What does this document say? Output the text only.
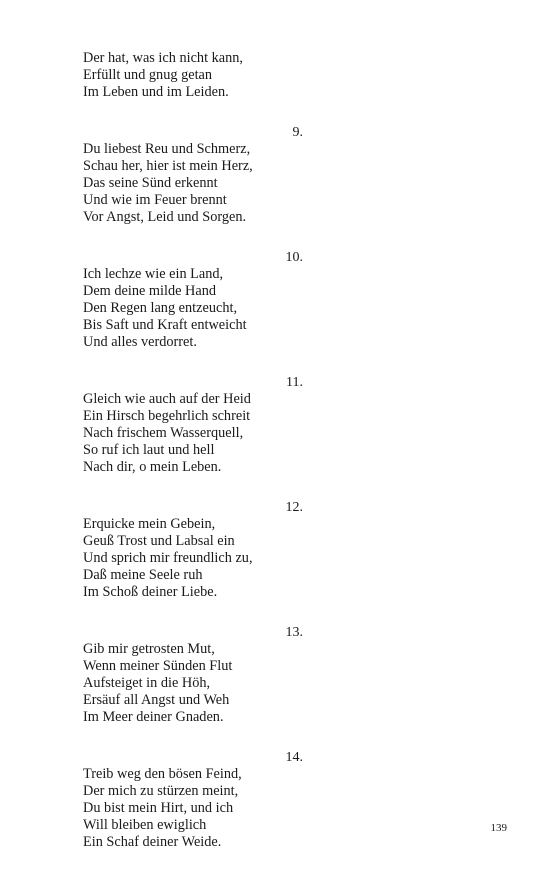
Der hat, was ich nicht kann,
Erfüllt und gnug getan
Im Leben und im Leiden.
9.
Du liebest Reu und Schmerz,
Schau her, hier ist mein Herz,
Das seine Sünd erkennt
Und wie im Feuer brennt
Vor Angst, Leid und Sorgen.
10.
Ich lechze wie ein Land,
Dem deine milde Hand
Den Regen lang entzeucht,
Bis Saft und Kraft entweicht
Und alles verdorret.
11.
Gleich wie auch auf der Heid
Ein Hirsch begehrlich schreit
Nach frischem Wasserquell,
So ruf ich laut und hell
Nach dir, o mein Leben.
12.
Erquicke mein Gebein,
Geuß Trost und Labsal ein
Und sprich mir freundlich zu,
Daß meine Seele ruh
Im Schoß deiner Liebe.
13.
Gib mir getrosten Mut,
Wenn meiner Sünden Flut
Aufsteiget in die Höh,
Ersäuf all Angst und Weh
Im Meer deiner Gnaden.
14.
Treib weg den bösen Feind,
Der mich zu stürzen meint,
Du bist mein Hirt, und ich
Will bleiben ewiglich
Ein Schaf deiner Weide.
139
